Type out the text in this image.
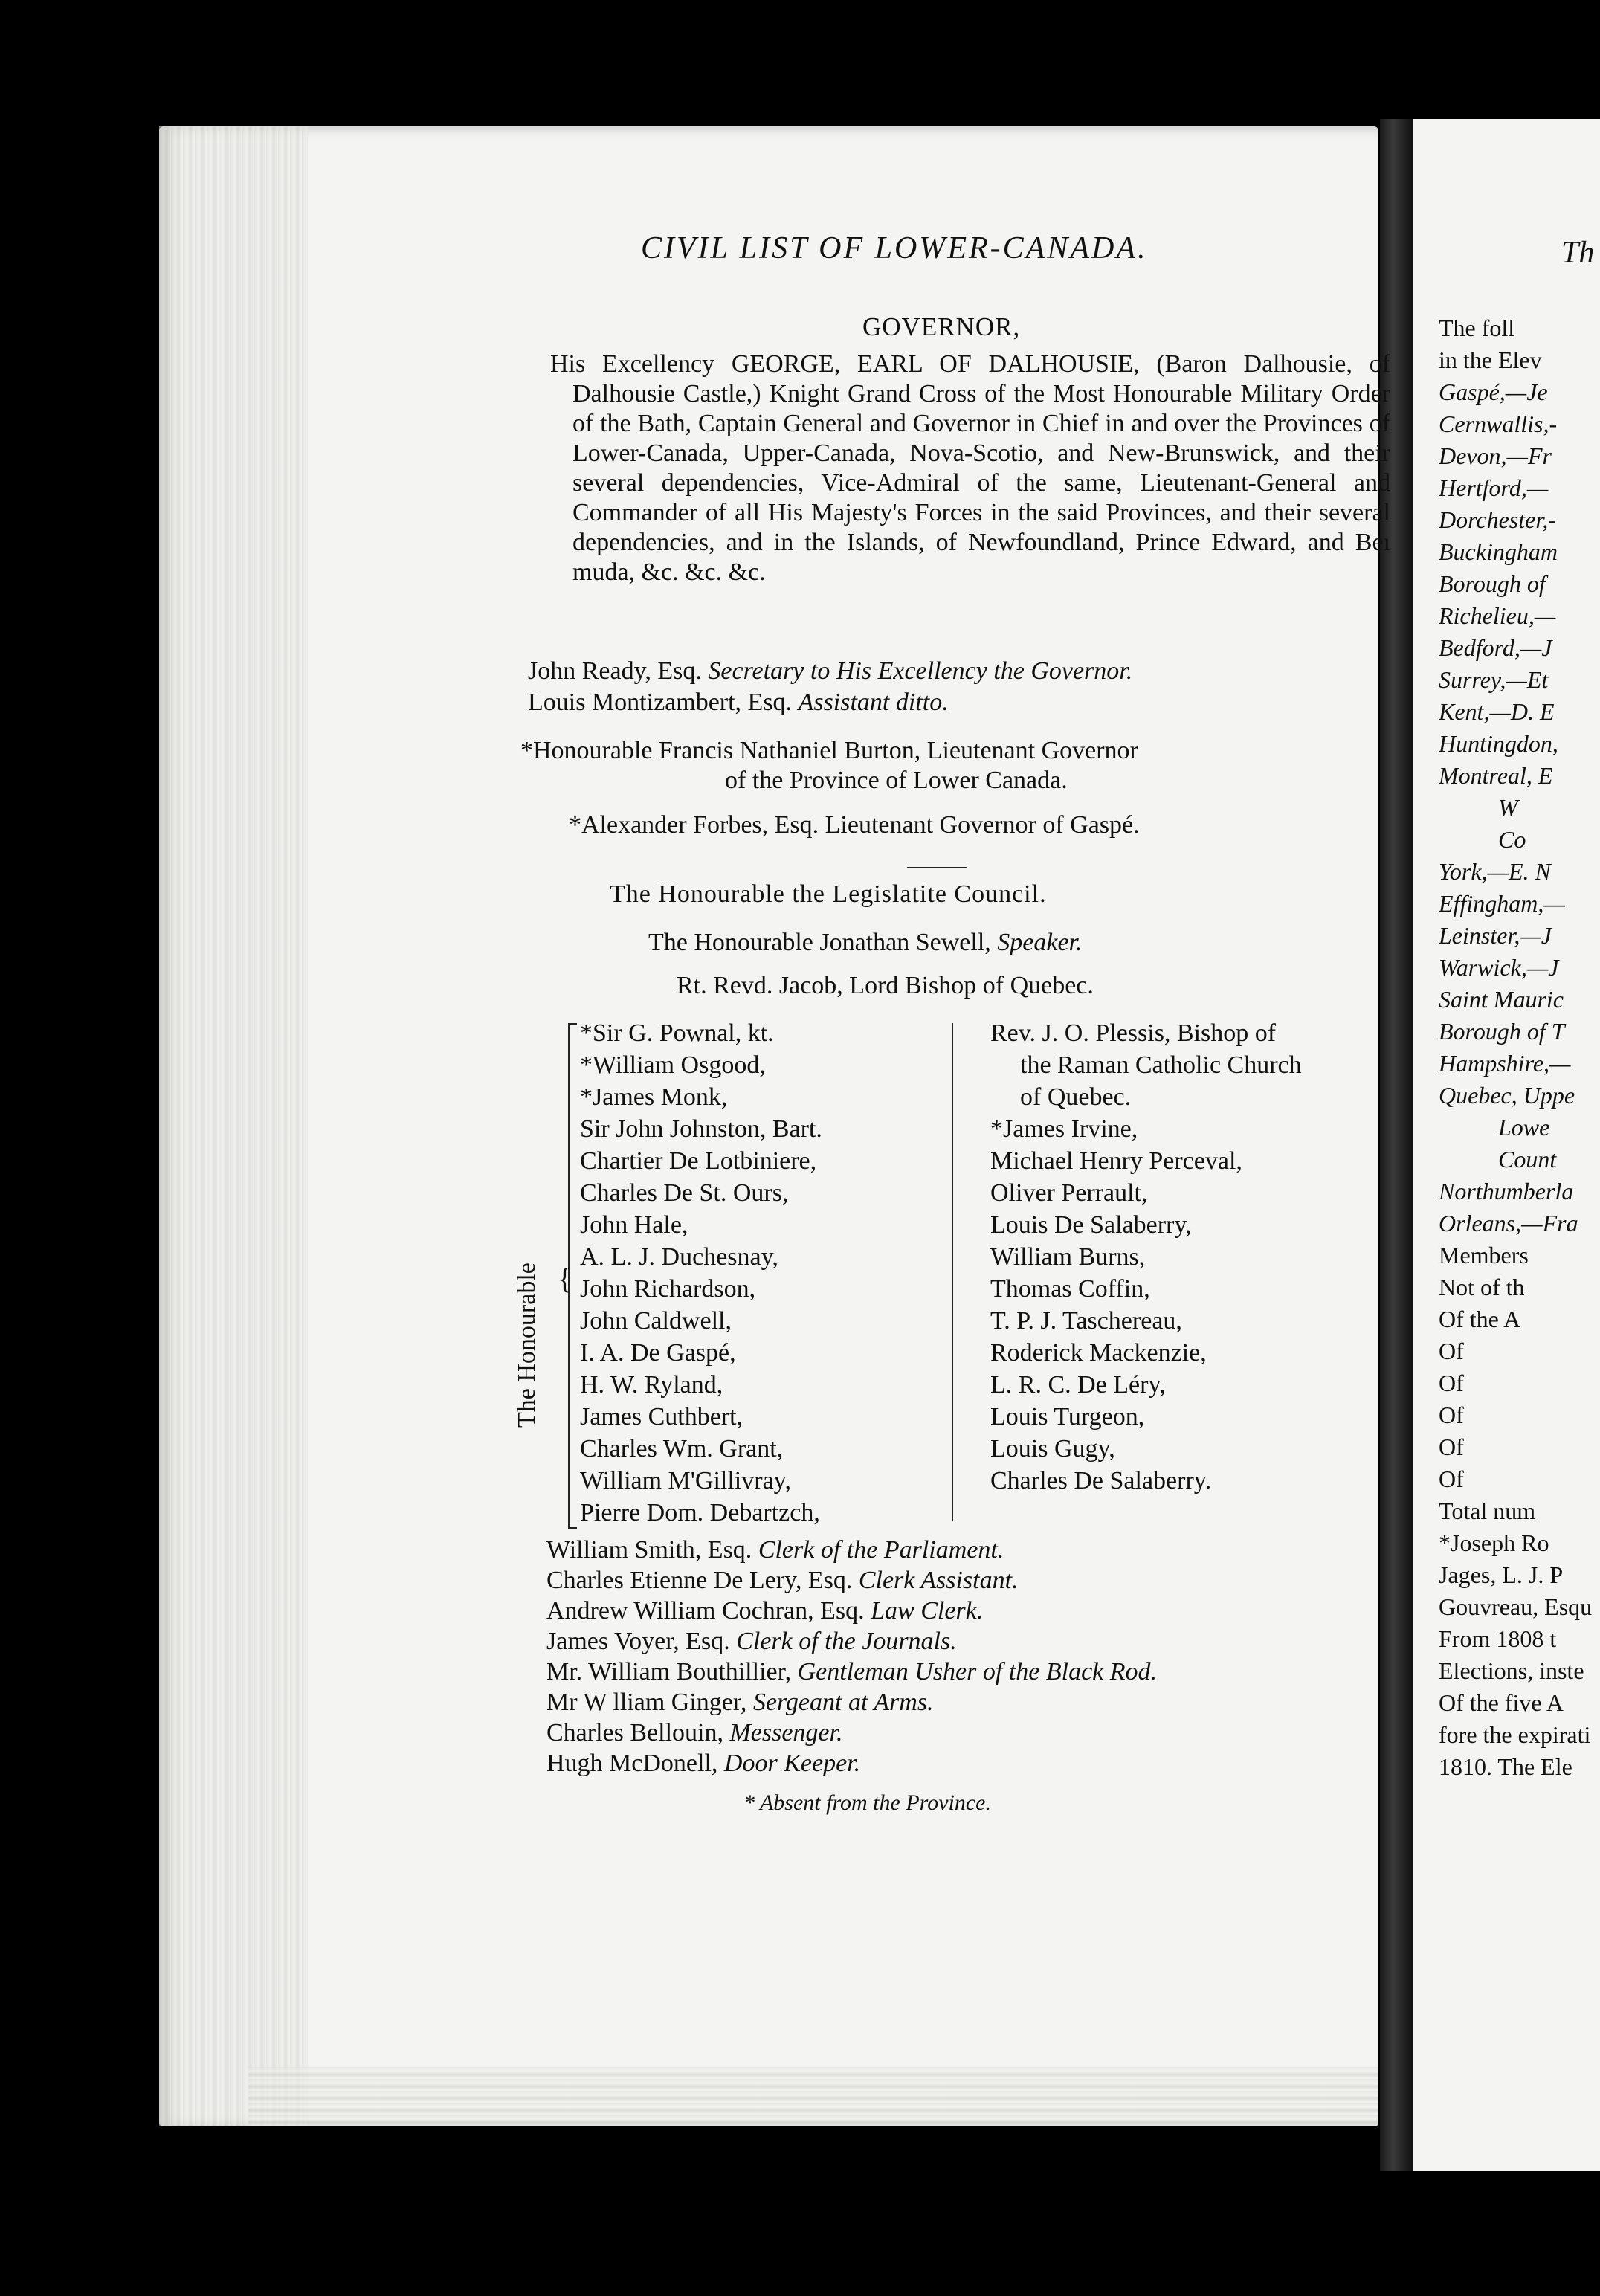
CIVIL LIST OF LOWER-CANADA.
GOVERNOR,
His Excellency GEORGE, EARL OF DALHOUSIE, (Baron Dalhousie, of Dalhousie Castle,) Knight Grand Cross of the Most Honourable Military Order of the Bath, Captain General and Governor in Chief in and over the Provinces of Lower-Canada, Upper-Canada, Nova-Scotio, and New-Brunswick, and their several dependencies, Vice-Admiral of the same, Lieutenant-General and Commander of all His Majesty's Forces in the said Provinces, and their several dependencies, and in the Islands, of Newfoundland, Prince Edward, and Beı muda, &c. &c. &c.
John Ready, Esq. Secretary to His Excellency the Governor.
Louis Montizambert, Esq. Assistant ditto.
*Honourable Francis Nathaniel Burton, Lieutenant Governor
of the Province of Lower Canada.
*Alexander Forbes, Esq. Lieutenant Governor of Gaspé.
The Honourable the Legislatite Council.
The Honourable Jonathan Sewell, Speaker.
Rt. Revd. Jacob, Lord Bishop of Quebec.
{
The Honourable
*Sir G. Pownal, kt.
*William Osgood,
*James Monk,
Sir John Johnston, Bart.
Chartier De Lotbiniere,
Charles De St. Ours,
John Hale,
A. L. J. Duchesnay,
John Richardson,
John Caldwell,
I. A. De Gaspé,
H. W. Ryland,
James Cuthbert,
Charles Wm. Grant,
William M'Gillivray,
Pierre Dom. Debartzch,
Rev. J. O. Plessis, Bishop of
the Raman Catholic Church
of Quebec.
*James Irvine,
Michael Henry Perceval,
Oliver Perrault,
Louis De Salaberry,
William Burns,
Thomas Coffin,
T. P. J. Taschereau,
Roderick Mackenzie,
L. R. C. De Léry,
Louis Turgeon,
Louis Gugy,
Charles De Salaberry.
William Smith, Esq. Clerk of the Parliament.
Charles Etienne De Lery, Esq. Clerk Assistant.
Andrew William Cochran, Esq. Law Clerk.
James Voyer, Esq. Clerk of the Journals.
Mr. William Bouthillier, Gentleman Usher of the Black Rod.
Mr W lliam Ginger, Sergeant at Arms.
Charles Bellouin, Messenger.
Hugh McDonell, Door Keeper.
* Absent from the Province.
Th
The foll
in the Elev
Gaspé,—Je
Cernwallis,-
Devon,—Fr
Hertford,—
Dorchester,-
Buckingham
Borough of
Richelieu,—
Bedford,—J
Surrey,—Et
Kent,—D. E
Huntingdon,
Montreal, E
W
Co
York,—E. N
Effingham,—
Leinster,—J
Warwick,—J
Saint Mauric
Borough of T
Hampshire,—
Quebec, Uppe
Lowe
Count
Northumberla
Orleans,—Fra
Members
Not of th
Of the A
Of
Of
Of
Of
Of
Total num
*Joseph Ro
Jages, L. J. P
Gouvreau, Esqu
From 1808 t
Elections, inste
Of the five A
fore the expirati
1810. The Ele
